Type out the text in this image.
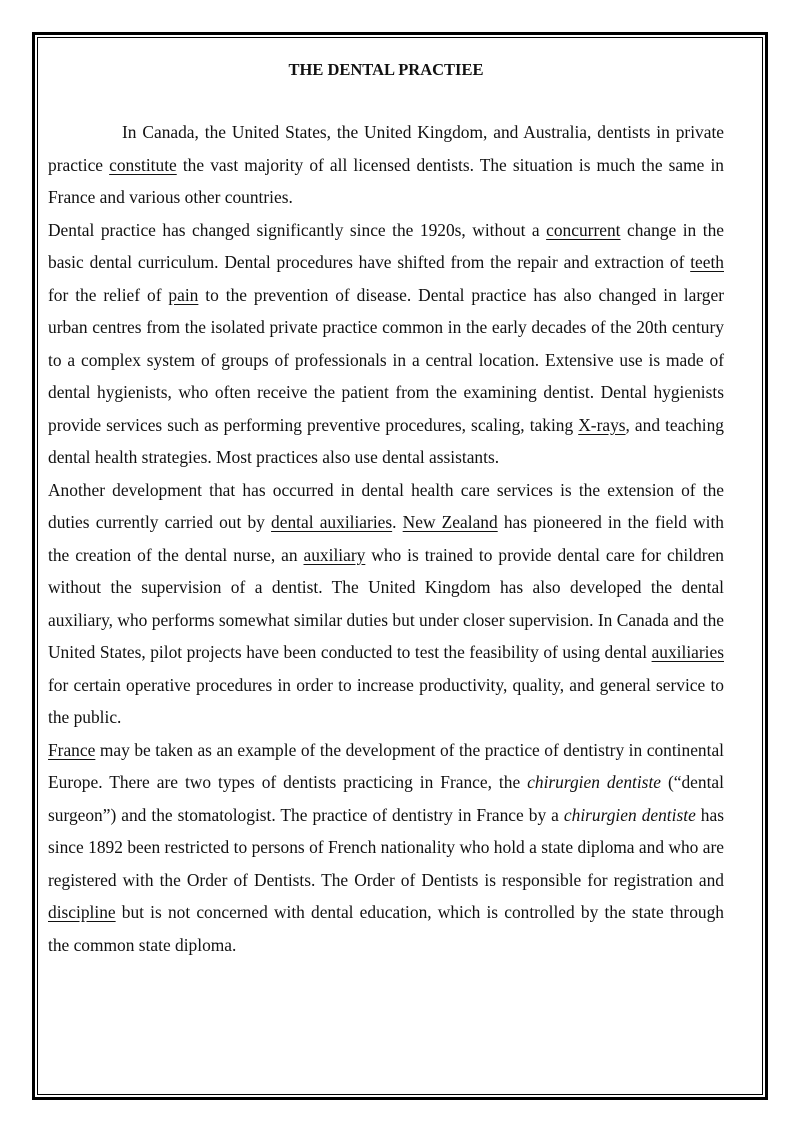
THE DENTAL PRACTIEE

In Canada, the United States, the United Kingdom, and Australia, dentists in private practice constitute the vast majority of all licensed dentists. The situation is much the same in France and various other countries.

Dental practice has changed significantly since the 1920s, without a concurrent change in the basic dental curriculum. Dental procedures have shifted from the repair and extraction of teeth for the relief of pain to the prevention of disease. Dental practice has also changed in larger urban centres from the isolated private practice common in the early decades of the 20th century to a complex system of groups of professionals in a central location. Extensive use is made of dental hygienists, who often receive the patient from the examining dentist. Dental hygienists provide services such as performing preventive procedures, scaling, taking X-rays, and teaching dental health strategies. Most practices also use dental assistants.

Another development that has occurred in dental health care services is the extension of the duties currently carried out by dental auxiliaries. New Zealand has pioneered in the field with the creation of the dental nurse, an auxiliary who is trained to provide dental care for children without the supervision of a dentist. The United Kingdom has also developed the dental auxiliary, who performs somewhat similar duties but under closer supervision. In Canada and the United States, pilot projects have been conducted to test the feasibility of using dental auxiliaries for certain operative procedures in order to increase productivity, quality, and general service to the public.

France may be taken as an example of the development of the practice of dentistry in continental Europe. There are two types of dentists practicing in France, the chirurgien dentiste (“dental surgeon”) and the stomatologist. The practice of dentistry in France by a chirurgien dentiste has since 1892 been restricted to persons of French nationality who hold a state diploma and who are registered with the Order of Dentists. The Order of Dentists is responsible for registration and discipline but is not concerned with dental education, which is controlled by the state through the common state diploma.
